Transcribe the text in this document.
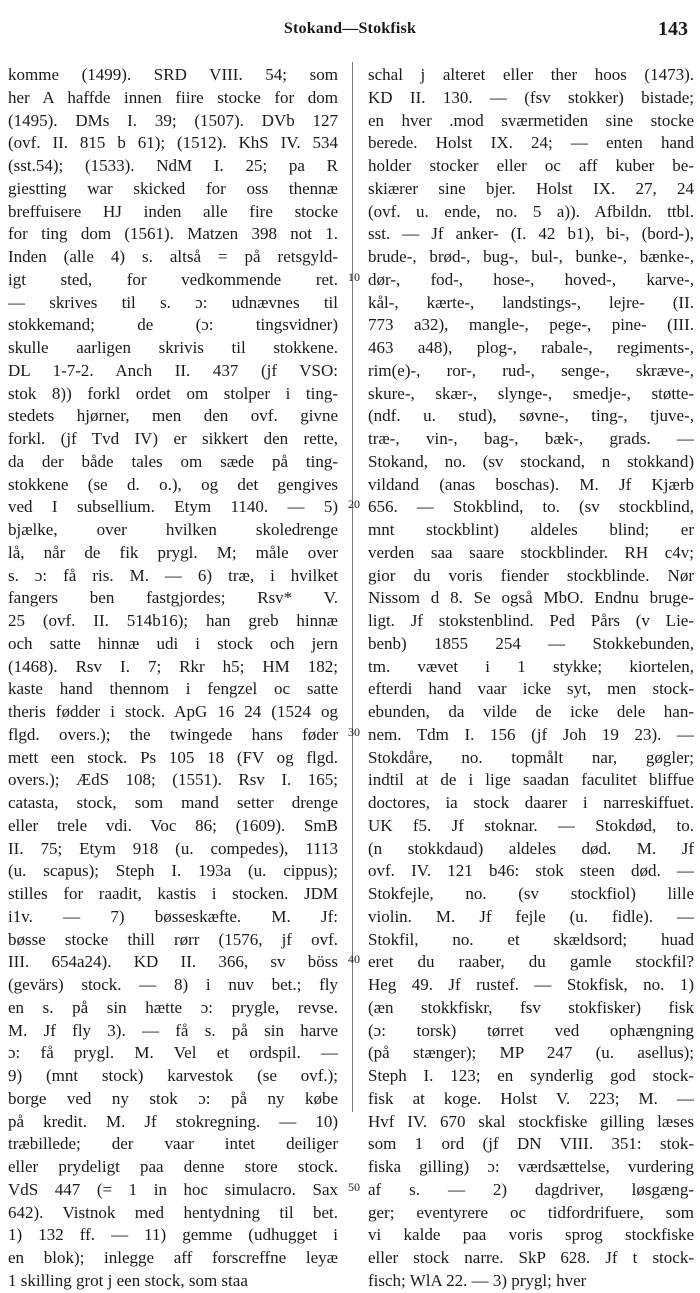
Stokand—Stokfisk	143
komme (1499). SRD VIII. 54; som
her A haffde innen fiire stocke for dom
(1495). DMs I. 39; (1507). DVb 127
(ovf. II. 815 b 61); (1512). KhS IV. 534
(sst.54); (1533). NdM I. 25; pa R
giestting war skicked for oss thennæ
breffuisere HJ inden alle fire stocke
for ting dom (1561). Matzen 398 not 1.
Inden (alle 4) s. altså = på retsgyld-
igt sted, for vedkommende ret.
— skrives til s. ɔ: udnævnes til
stokkemand; de (ɔ: tingsvidner)
skulle aarligen skrivis til stokkene.
DL 1-7-2. Anch II. 437 (jf VSO:
stok 8)) forkl ordet om stolper i ting-
stedets hjørner, men den ovf. givne
forkl. (jf Tvd IV) er sikkert den rette,
da der både tales om sæde på ting-
stokkene (se d. o.), og det gengives
ved I subsellium. Etym 1140. — 5)
bjælke, over hvilken skoledrenge
lå, når de fik prygl. M; måle over
s. ɔ: få ris. M. — 6) træ, i hvilket
fangers ben fastgjordes; Rsv* V.
25 (ovf. II. 514b16); han greb hinnæ
och satte hinnæ udi i stock och jern
(1468). Rsv I. 7; Rkr h5; HM 182;
kaste hand thennom i fengzel oc satte
theris fødder i stock. ApG 16 24 (1524 og
flgd. overs.); the twingede hans føder
mett een stock. Ps 105 18 (FV og flgd.
overs.); ÆdS 108; (1551). Rsv I. 165;
catasta, stock, som mand setter drenge
eller trele vdi. Voc 86; (1609). SmB
II. 75; Etym 918 (u. compedes), 1113
(u. scapus); Steph I. 193a (u. cippus);
stilles for raadit, kastis i stocken. JDM
i1v. — 7) bøsseskæfte. M. Jf:
bøsse stocke thill rørr (1576, jf ovf.
III. 654a24). KD II. 366, sv böss
(gevärs) stock. — 8) i nuv bet.; fly
en s. på sin hætte ɔ: prygle, revse.
M. Jf fly 3). — få s. på sin harve
ɔ: få prygl. M. Vel et ordspil. —
9) (mnt stock) karvestok (se ovf.);
borge ved ny stok ɔ: på ny købe
på kredit. M. Jf stokregning. — 10)
træbillede; der vaar intet deiliger
eller prydeligt paa denne store stock.
VdS 447 (= 1 in hoc simulacro. Sax
642). Vistnok med hentydning til bet.
1) 132 ff. — 11) gemme (udhugget i
en blok); inlegge aff forscreffne leyæ
1 skilling grot j een stock, som staa
schal j alteret eller ther hoos (1473).
KD II. 130. — (fsv stokker) bistade;
en hver .mod sværmetiden sine stocke
berede. Holst IX. 24; — enten hand
holder stocker eller oc aff kuber be-
skiærer sine bjer. Holst IX. 27, 24
(ovf. u. ende, no. 5 a)). Afbildn. ttbl.
sst. — Jf anker- (I. 42 b1), bi-, (bord-),
brude-, brød-, bug-, bul-, bunke-, bænke-,
dør-, fod-, hose-, hoved-, karve-,
kål-, kærte-, landstings-, lejre- (II.
773 a32), mangle-, pege-, pine- (III.
463 a48), plog-, rabale-, regiments-,
rim(e)-, ror-, rud-, senge-, skræve-,
skure-, skær-, slynge-, smedje-, støtte-
(ndf. u. stud), søvne-, ting-, tjuve-,
træ-, vin-, bag-, bæk-, grads. —
Stokand, no. (sv stockand, n stokkand)
vildand (anas boschas). M. Jf Kjærb
656. — Stokblind, to. (sv stockblind,
mnt stockblint) aldeles blind; er
verden saa saare stockblinder. RH c4v;
gior du voris fiender stockblinde. Nør
Nissom d 8. Se også MbO. Endnu bruge-
ligt. Jf stokstenblind. Ped Pårs (v Lie-
benb) 1855 254 — Stokkebunden,
tm. vævet i 1 stykke; kiortelen,
efterdi hand vaar icke syt, men stock-
ebunden, da vilde de icke dele han-
nem. Tdm I. 156 (jf Joh 19 23). —
Stokdåre, no. topmålt nar, gøgler;
indtil at de i lige saadan faculitet bliffue
doctores, ia stock daarer i narreskiffuet.
UK f5. Jf stoknar. — Stokdød, to.
(n stokkdaud) aldeles død. M. Jf
ovf. IV. 121 b46: stok steen død. —
Stokfejle, no. (sv stockfiol) lille
violin. M. Jf fejle (u. fidle). —
Stokfil, no. et skældsord; huad
eret du raaber, du gamle stockfil?
Heg 49. Jf rustef. — Stokfisk, no. 1)
(æn stokkfiskr, fsv stokfisker) fisk
(ɔ: torsk) tørret ved ophængning
(på stænger); MP 247 (u. asellus);
Steph I. 123; en synderlig god stock-
fisk at koge. Holst V. 223; M. —
Hvf IV. 670 skal stockfiske gilling læses
som 1 ord (jf DN VIII. 351: stok-
fiska gilling) ɔ: værdsættelse, vurdering
af s. — 2) dagdriver, løsgæng-
ger; eventyrere oc tidfordrifuere, som
vi kalde paa voris sprog stockfiske
eller stock narre. SkP 628. Jf t stock-
fisch; WlA 22. — 3) prygl; hver
10
20
30
40
50
